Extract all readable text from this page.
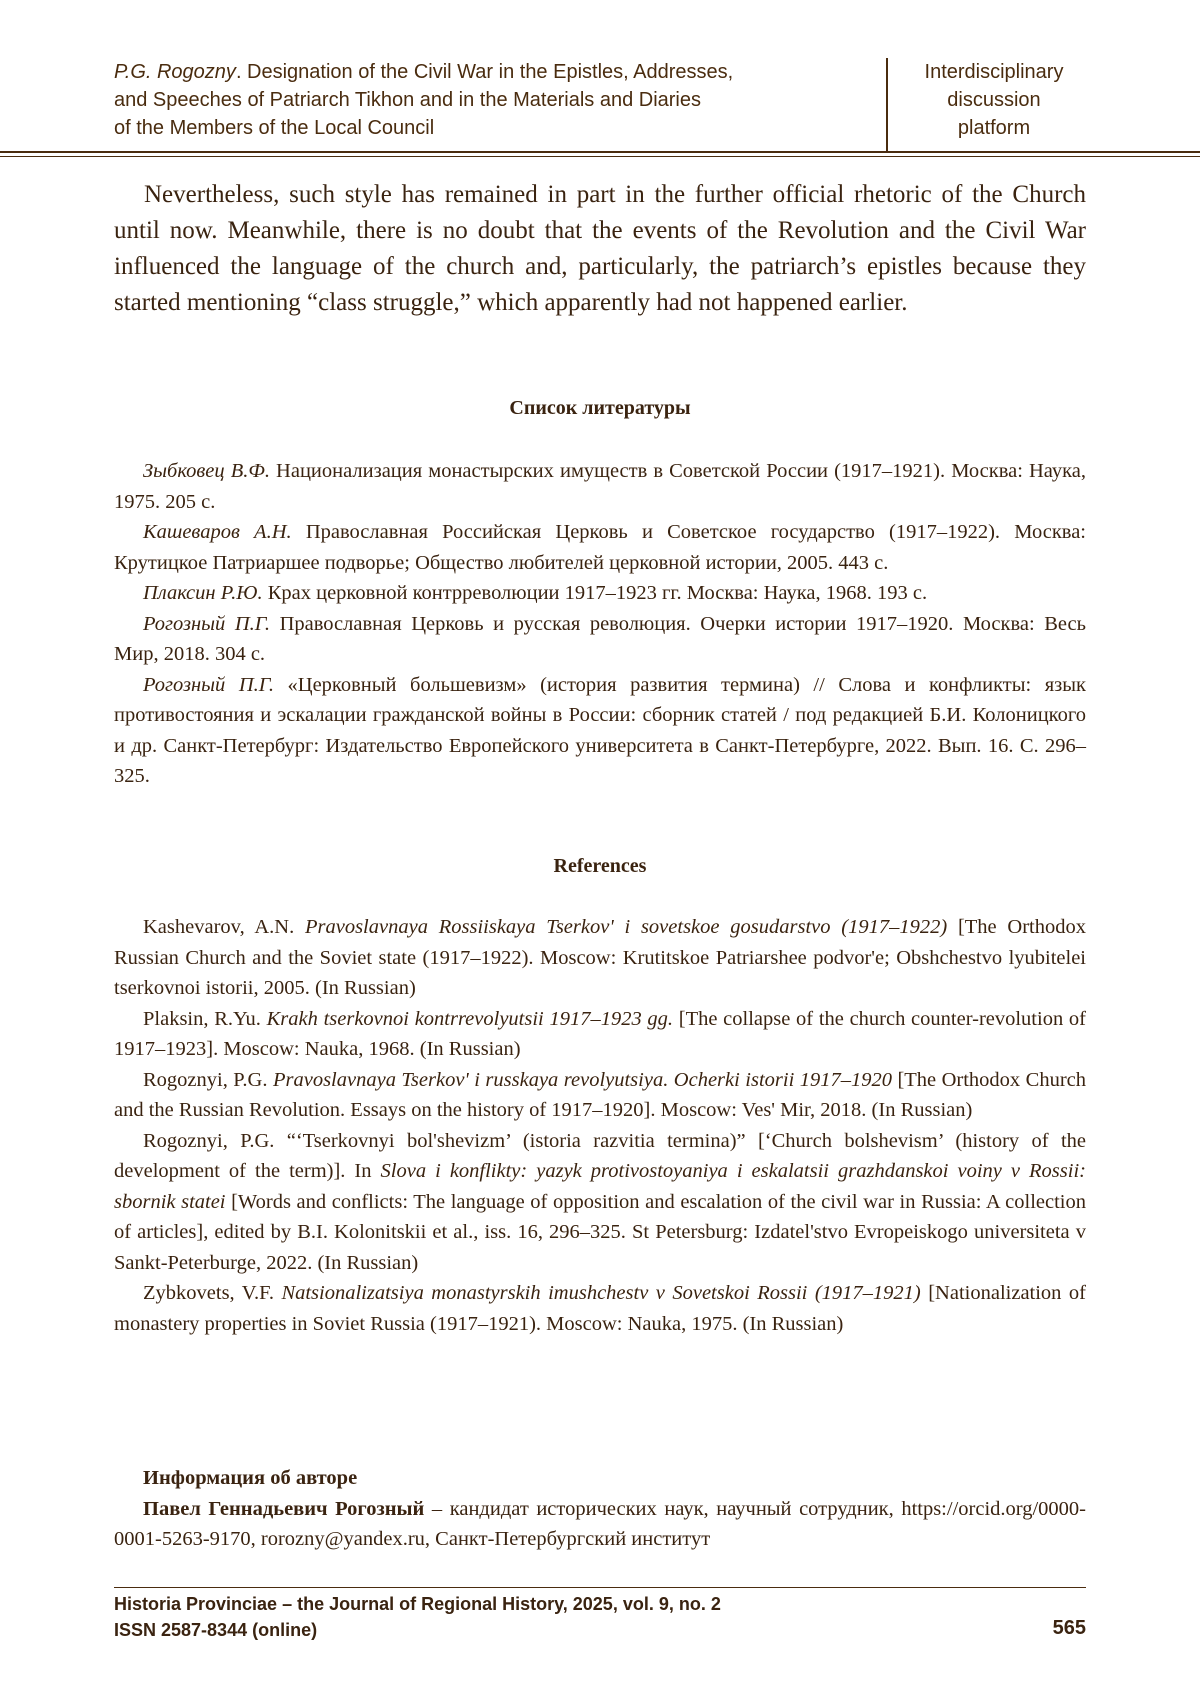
P.G. Rogozny. Designation of the Civil War in the Epistles, Addresses,
and Speeches of Patriarch Tikhon and in the Materials and Diaries
of the Members of the Local Council
Interdisciplinary
discussion
platform

Nevertheless, such style has remained in part in the further official rhetoric of the Church until now. Meanwhile, there is no doubt that the events of the Revolution and the Civil War influenced the language of the church and, particularly, the patriarch’s epistles because they started mentioning “class struggle,” which apparently had not happened earlier.

Список литературы

Зыбковец В.Ф. Национализация монастырских имуществ в Советской России (1917–1921). Москва: Наука, 1975. 205 с.

Кашеваров А.Н. Православная Российская Церковь и Советское государство (1917–1922). Москва: Крутицкое Патриаршее подворье; Общество любителей церковной истории, 2005. 443 с.

Плаксин Р.Ю. Крах церковной контрреволюции 1917–1923 гг. Москва: Наука, 1968. 193 с.

Рогозный П.Г. Православная Церковь и русская революция. Очерки истории 1917–1920. Москва: Весь Мир, 2018. 304 с.

Рогозный П.Г. «Церковный большевизм» (история развития термина) // Слова и конфликты: язык противостояния и эскалации гражданской войны в России: сборник статей / под редакцией Б.И. Колоницкого и др. Санкт-Петербург: Издательство Европейского университета в Санкт-Петербурге, 2022. Вып. 16. С. 296–325.

References

Kashevarov, A.N. Pravoslavnaya Rossiiskaya Tserkov' i sovetskoe gosudarstvo (1917–1922) [The Orthodox Russian Church and the Soviet state (1917–1922). Moscow: Krutitskoe Patriarshee podvor'e; Obshchestvo lyubitelei tserkovnoi istorii, 2005. (In Russian)

Plaksin, R.Yu. Krakh tserkovnoi kontrrevolyutsii 1917–1923 gg. [The collapse of the church counter-revolution of 1917–1923]. Moscow: Nauka, 1968. (In Russian)

Rogoznyi, P.G. Pravoslavnaya Tserkov' i russkaya revolyutsiya. Ocherki istorii 1917–1920 [The Orthodox Church and the Russian Revolution. Essays on the history of 1917–1920]. Moscow: Ves' Mir, 2018. (In Russian)

Rogoznyi, P.G. “‘Tserkovnyi bol'shevizm’ (istoria razvitia termina)” [‘Church bolshevism’ (history of the development of the term)]. In Slova i konflikty: yazyk protivostoyaniya i eskalatsii grazhdanskoi voiny v Rossii: sbornik statei [Words and conflicts: The language of opposition and escalation of the civil war in Russia: A collection of articles], edited by B.I. Kolonitskii et al., iss. 16, 296–325. St Petersburg: Izdatel'stvo Evropeiskogo universiteta v Sankt-Peterburge, 2022. (In Russian)

Zybkovets, V.F. Natsionalizatsiya monastyrskih imushchestv v Sovetskoi Rossii (1917–1921) [Nationalization of monastery properties in Soviet Russia (1917–1921). Moscow: Nauka, 1975. (In Russian)

Информация об авторе

Павел Геннадьевич Рогозный – кандидат исторических наук, научный сотрудник, https://orcid.org/0000-0001-5263-9170, rorozny@yandex.ru, Санкт-Петербургский институт

Historia Provinciae – the Journal of Regional History, 2025, vol. 9, no. 2
ISSN 2587-8344 (online)	565
